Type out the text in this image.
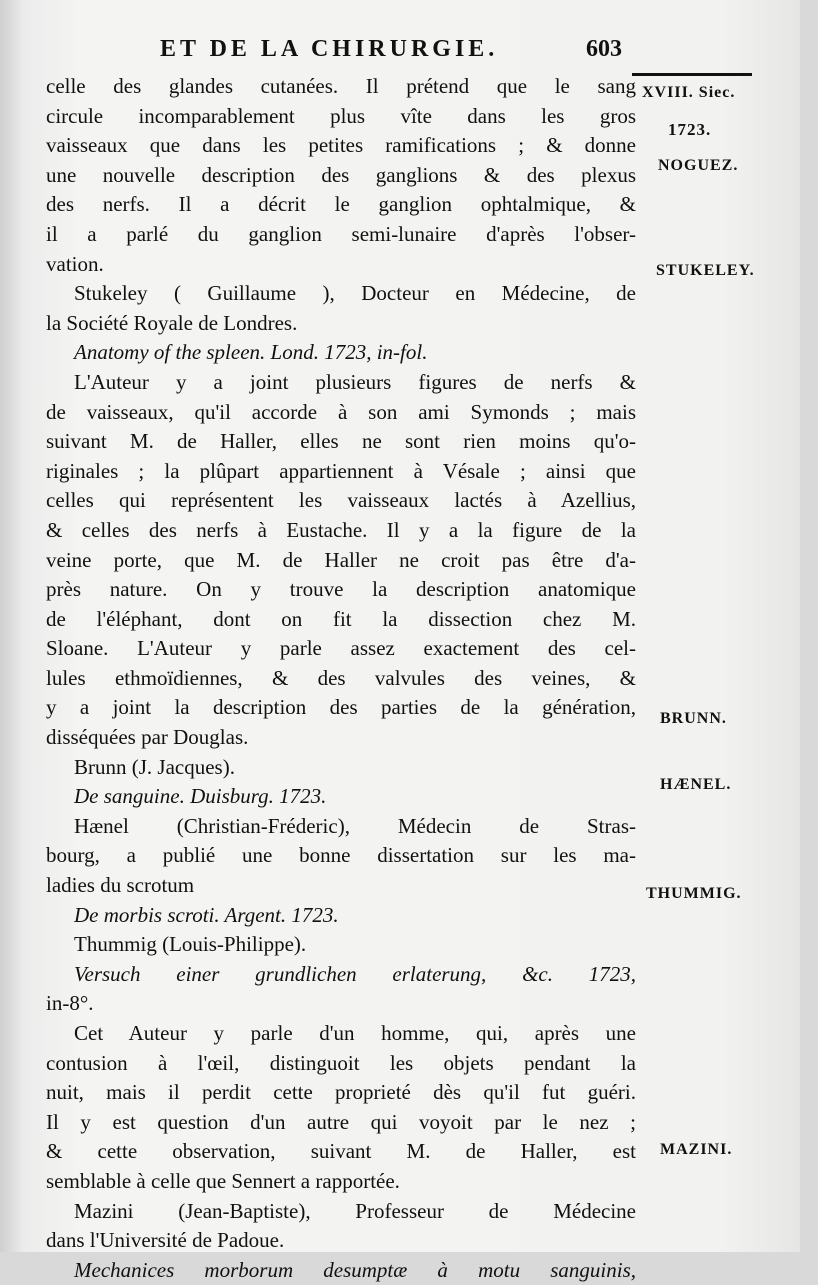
ET DE LA CHIRURGIE.	603
XVIII. Siec.
1723.
NOGUEZ.
STUKELEY.
BRUNN.
HÆNEL.
THUMMIG.
MAZINI.
celle des glandes cutanées. Il prétend que le sang
circule incomparablement plus vîte dans les gros
vaisseaux que dans les petites ramifications ; & donne
une nouvelle description des ganglions & des plexus
des nerfs. Il a décrit le ganglion ophtalmique, &
il a parlé du ganglion semi-lunaire d'après l'obser-
vation.
Stukeley ( Guillaume ), Docteur en Médecine, de
la Société Royale de Londres.
Anatomy of the spleen. Lond. 1723, in-fol.
L'Auteur y a joint plusieurs figures de nerfs &
de vaisseaux, qu'il accorde à son ami Symonds ; mais
suivant M. de Haller, elles ne sont rien moins qu'o-
riginales ; la plûpart appartiennent à Vésale ; ainsi que
celles qui représentent les vaisseaux lactés à Azellius,
& celles des nerfs à Eustache. Il y a la figure de la
veine porte, que M. de Haller ne croit pas être d'a-
près nature. On y trouve la description anatomique
de l'éléphant, dont on fit la dissection chez M.
Sloane. L'Auteur y parle assez exactement des cel-
lules ethmoïdiennes, & des valvules des veines, &
y a joint la description des parties de la génération,
disséquées par Douglas.
Brunn (J. Jacques).
De sanguine. Duisburg. 1723.
Hænel (Christian-Fréderic), Médecin de Stras-
bourg, a publié une bonne dissertation sur les ma-
ladies du scrotum
De morbis scroti. Argent. 1723.
Thummig (Louis-Philippe).
Versuch einer grundlichen erlaterung, &c. 1723,
in-8°.
Cet Auteur y parle d'un homme, qui, après une
contusion à l'œil, distinguoit les objets pendant la
nuit, mais il perdit cette proprieté dès qu'il fut guéri.
Il y est question d'un autre qui voyoit par le nez ;
& cette observation, suivant M. de Haller, est
semblable à celle que Sennert a rapportée.
Mazini (Jean-Baptiste), Professeur de Médecine
dans l'Université de Padoue.
Mechanices morborum desumptæ à motu sanguinis,
